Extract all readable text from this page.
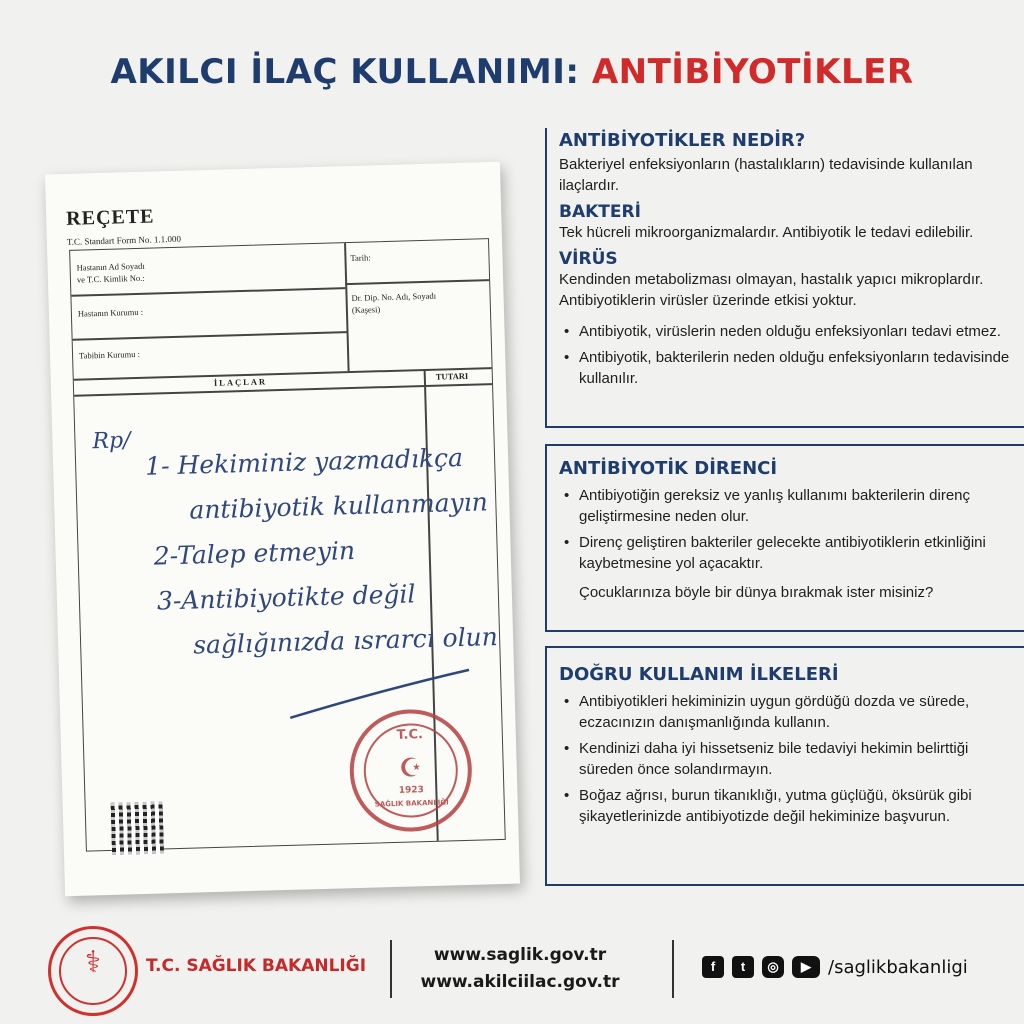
AKILCI İLAÇ KULLANIMI: ANTİBİYOTİKLER
REÇETE
T.C. Standart Form No. 1.1.000
Hastanın Ad Soyadı
ve T.C. Kimlik No.:
Tarih:
Hastanın Kurumu :
Dr. Dip. No. Adı, Soyadı
(Kaşesi)
Tabibin Kurumu :
İLAÇLAR
TUTARI
Rp/
1- Hekiminiz yazmadıkça
antibiyotik kullanmayın
2-Talep etmeyin
3-Antibiyotikte değil
sağlığınızda ısrarcı olun
T.C.
☪
1923
SAĞLIK BAKANLIĞI
ANTİBİYOTİKLER NEDİR?

Bakteriyel enfeksiyonların (hastalıkların) tedavisinde kullanılan ilaçlardır.

BAKTERİ

Tek hücreli mikroorganizmalardır. Antibiyotik le tedavi edilebilir.

VİRÜS

Kendinden metabolizması olmayan, hastalık yapıcı mikroplardır. Antibiyotiklerin virüsler üzerinde etkisi yoktur.

• Antibiyotik, virüslerin neden olduğu enfeksiyonları tedavi etmez.
• Antibiyotik, bakterilerin neden olduğu enfeksiyonların tedavisinde kullanılır.
ANTİBİYOTİK DİRENCİ
• Antibiyotiğin gereksiz ve yanlış kullanımı bakterilerin direnç geliştirmesine neden olur.
• Direnç geliştiren bakteriler gelecekte antibiyotiklerin etkinliğini kaybetmesine yol açacaktır.

Çocuklarınıza böyle bir dünya bırakmak ister misiniz?

DOĞRU KULLANIM İLKELERİ
• Antibiyotikleri hekiminizin uygun gördüğü dozda ve sürede, eczacınızın danışmanlığında kullanın.
• Kendinizi daha iyi hissetseniz bile tedaviyi hekimin belirttiği süreden önce solandırmayın.
• Boğaz ağrısı, burun tikanıklığı, yutma güçlüğü, öksürük gibi şikayetlerinizde antibiyotizde değil hekiminize başvurun.
⚕	T.C. SAĞLIK BAKANLIĞI
www.saglik.gov.tr
www.akilciilac.gov.tr
f	t	◎	▶ /saglikbakanligi
